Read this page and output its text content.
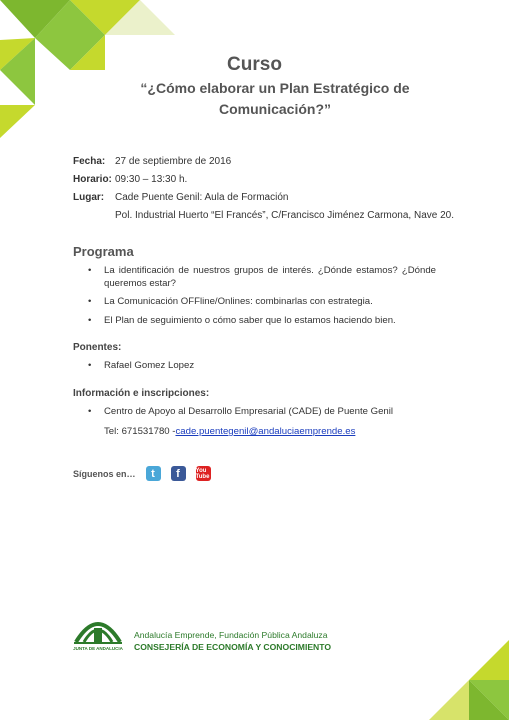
Curso
“¿Cómo elaborar un Plan Estratégico de Comunicación?”
Fecha: 27 de septiembre de 2016
Horario: 09:30 – 13:30 h.
Lugar: Cade Puente Genil: Aula de Formación
Pol. Industrial Huerto “El Francés”, C/Francisco Jiménez Carmona, Nave 20.
Programa
• La identificación de nuestros grupos de interés. ¿Dónde estamos? ¿Dónde queremos estar?
• La Comunicación OFFline/Onlines: combinarlas con estrategia.
• El Plan de seguimiento o cómo saber que lo estamos haciendo bien.
Ponentes:
• Rafael Gomez Lopez
Información e inscripciones:
• Centro de Apoyo al Desarrollo Empresarial (CADE) de Puente Genil
Tel: 671531780 -cade.puentegenil@andaluciaemprende.es
Síguenos en…	t	f	You Tube
JUNTA DE ANDALUCIA
Andalucía Emprende, Fundación Pública Andaluza
CONSEJERÍA DE ECONOMÍA Y CONOCIMIENTO
